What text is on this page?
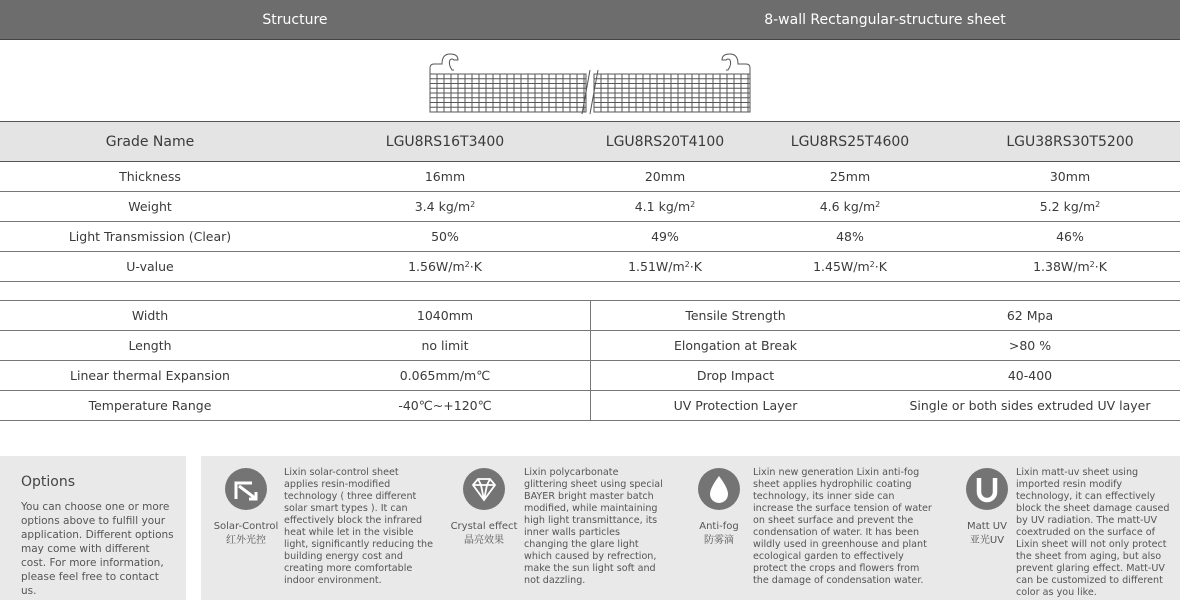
Structure	8-wall Rectangular-structure sheet
Grade Name	LGU8RS16T3400	LGU8RS20T4100	LGU8RS25T4600	LGU38RS30T5200
Thickness	16mm	20mm	25mm	30mm
Weight	3.4 $kg/m^2$	4.1 $kg/m^2$	4.6 $kg/m^2$	5.2 $kg/m^2$
Light Transmission (Clear)	50%	49%	48%	46%
U-value	$1.56W/m^2\cdot K$	$1.51W/m^2\cdot K$	$1.45W/m^2\cdot K$	$1.38W/m^2\cdot K$
Width	1040mm	Tensile Strength	62 Mpa
Length	no limit	Elongation at Break	>80 %
Linear thermal Expansion	0.065mm/m℃	Drop Impact	40-400
Temperature Range	-40℃~+120℃	UV Protection Layer	Single or both sides extruded UV layer
Options
You can choose one or more options above to fulfill your application. Different options may come with different cost. For more information, please feel free to contact us.
Solar-Control
红外光控
Lixin solar-control sheet applies resin-modified technology ( three different solar smart types ). It can effectively block the infrared heat while let in the visible light, significantly reducing the building energy cost and creating more comfortable indoor environment.
Crystal effect
晶亮效果
Lixin polycarbonate glittering sheet using special BAYER bright master batch modified, while maintaining high light transmittance, its inner walls particles changing the glare light which caused by refrection, make the sun light soft and not dazzling.
Anti-fog
防雾滴
Lixin new generation Lixin anti-fog sheet applies hydrophilic coating technology, its inner side can increase the surface tension of water on sheet surface and prevent the condensation of water. It has been wildly used in greenhouse and plant ecological garden to effectively protect the crops and flowers from the damage of condensation water.
Matt UV
亚光UV
Lixin matt-uv sheet using imported resin modify technology, it can effectively block the sheet damage caused by UV radiation. The matt-UV coextruded on the surface of Lixin sheet will not only protect the sheet from aging, but also prevent glaring effect. Matt-UV can be customized to different color as you like.
